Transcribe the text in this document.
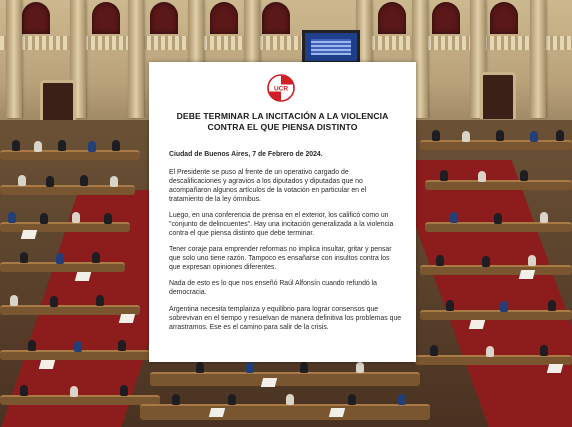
UCR
DEBE TERMINAR LA INCITACIÓN A LA VIOLENCIA
CONTRA EL QUE PIENSA DISTINTO

Ciudad de Buenos Aires, 7 de Febrero de 2024.

El Presidente se puso al frente de un operativo cargado de descalificaciones y agravios a los diputados y diputadas que no acompañaron algunos artículos de la votación en particular en el tratamiento de la ley ómnibus.

Luego, en una conferencia de prensa en el exterior, los calificó como un "conjunto de delincuentes". Hay una incitación generalizada a la violencia contra el que piensa distinto que debe terminar.

Tener coraje para emprender reformas no implica insultar, gritar y pensar que solo uno tiene razón. Tampoco es ensañarse con insultos contra los que expresan opiniones diferentes.

Nada de esto es lo que nos enseñó Raúl Alfonsín cuando refundó la democracia.

Argentina necesita templanza y equilibrio para lograr consensos que sobrevivan en el tiempo y resuelvan de manera definitiva los problemas que arrastramos. Ese es el camino para salir de la crisis.
